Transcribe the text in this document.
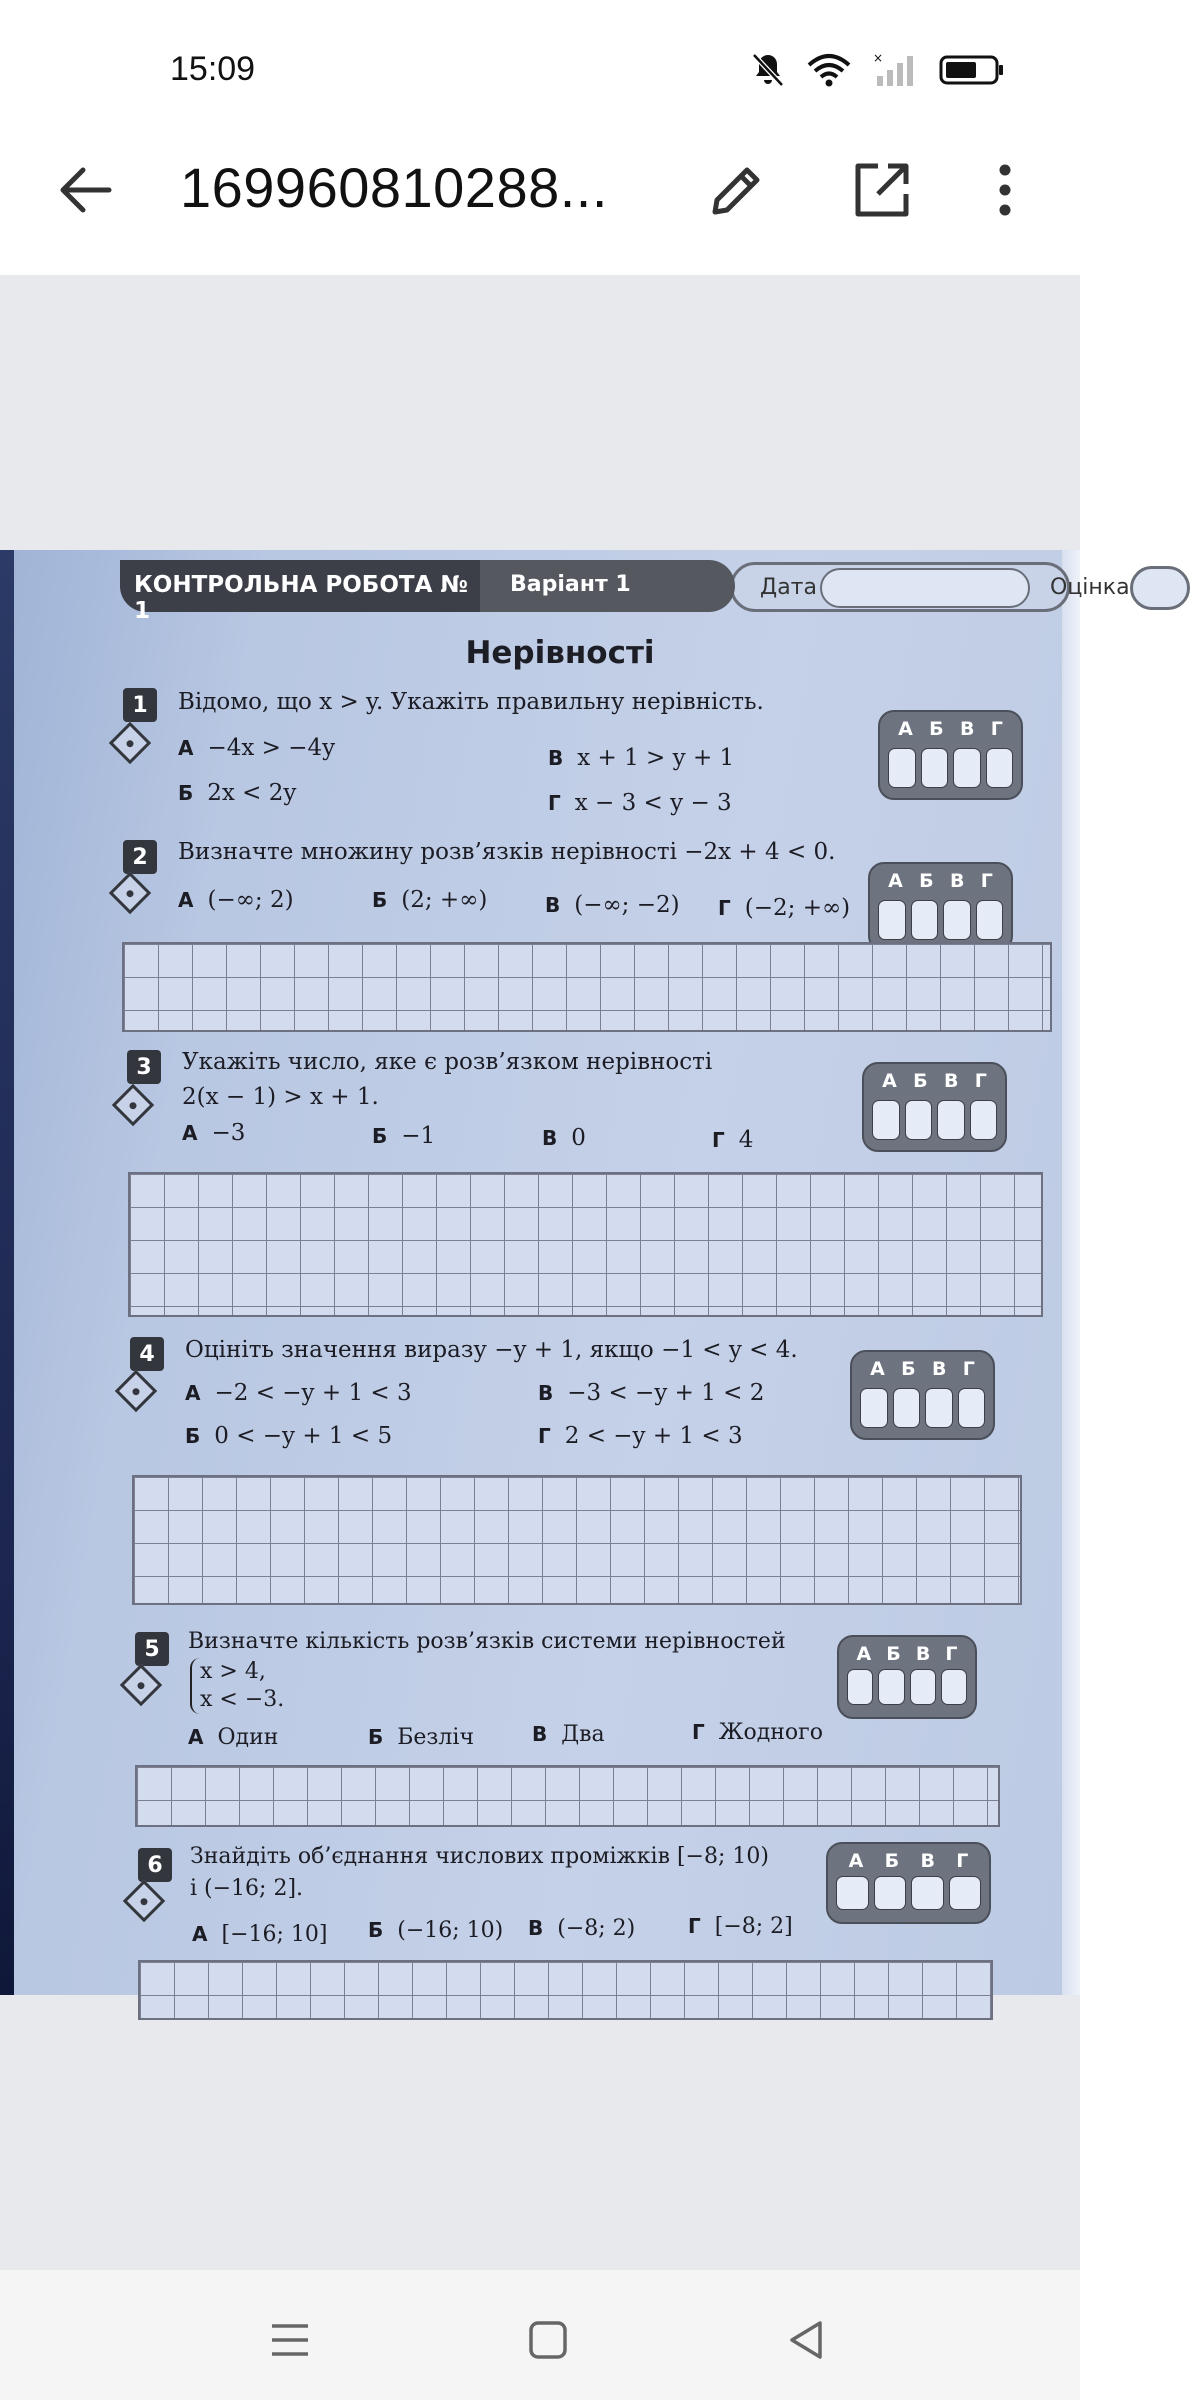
15:09	×
169960810288...
КОНТРОЛЬНА РОБОТА № 1
Варіант 1	Дата	Оцінка
Нерівності
1	Відомо, що x > y. Укажіть правильну нерівність.
А −4x > −4y
Б 2x < 2y
В x + 1 > y + 1
Г x − 3 < y − 3
А Б В Г
2	Визначте множину розв’язків нерівності −2x + 4 < 0.
А (−∞; 2)	Б (2; +∞)	В (−∞; −2) Г (−2; +∞)
А Б В Г
3	Укажіть число, яке є розв’язком нерівності
2(x − 1) > x + 1.
А −3	Б −1	В 0	Г 4
А Б В Г
4	Оцініть значення виразу −y + 1, якщо −1 < y < 4.
А −2 < −y + 1 < 3
Б 0 < −y + 1 < 5
В −3 < −y + 1 < 2
Г 2 < −y + 1 < 3
А Б В Г
5	Визначте кількість розв’язків системи нерівностей
x > 4,
x < −3.
А Один	Б Безліч	В Два	Г Жодного
А Б В Г
6	Знайдіть об’єднання числових проміжків [−8; 10)
і (−16; 2].
А [−16; 10] Б (−16; 10) В (−8; 2)	Г [−8; 2]
А Б В Г
